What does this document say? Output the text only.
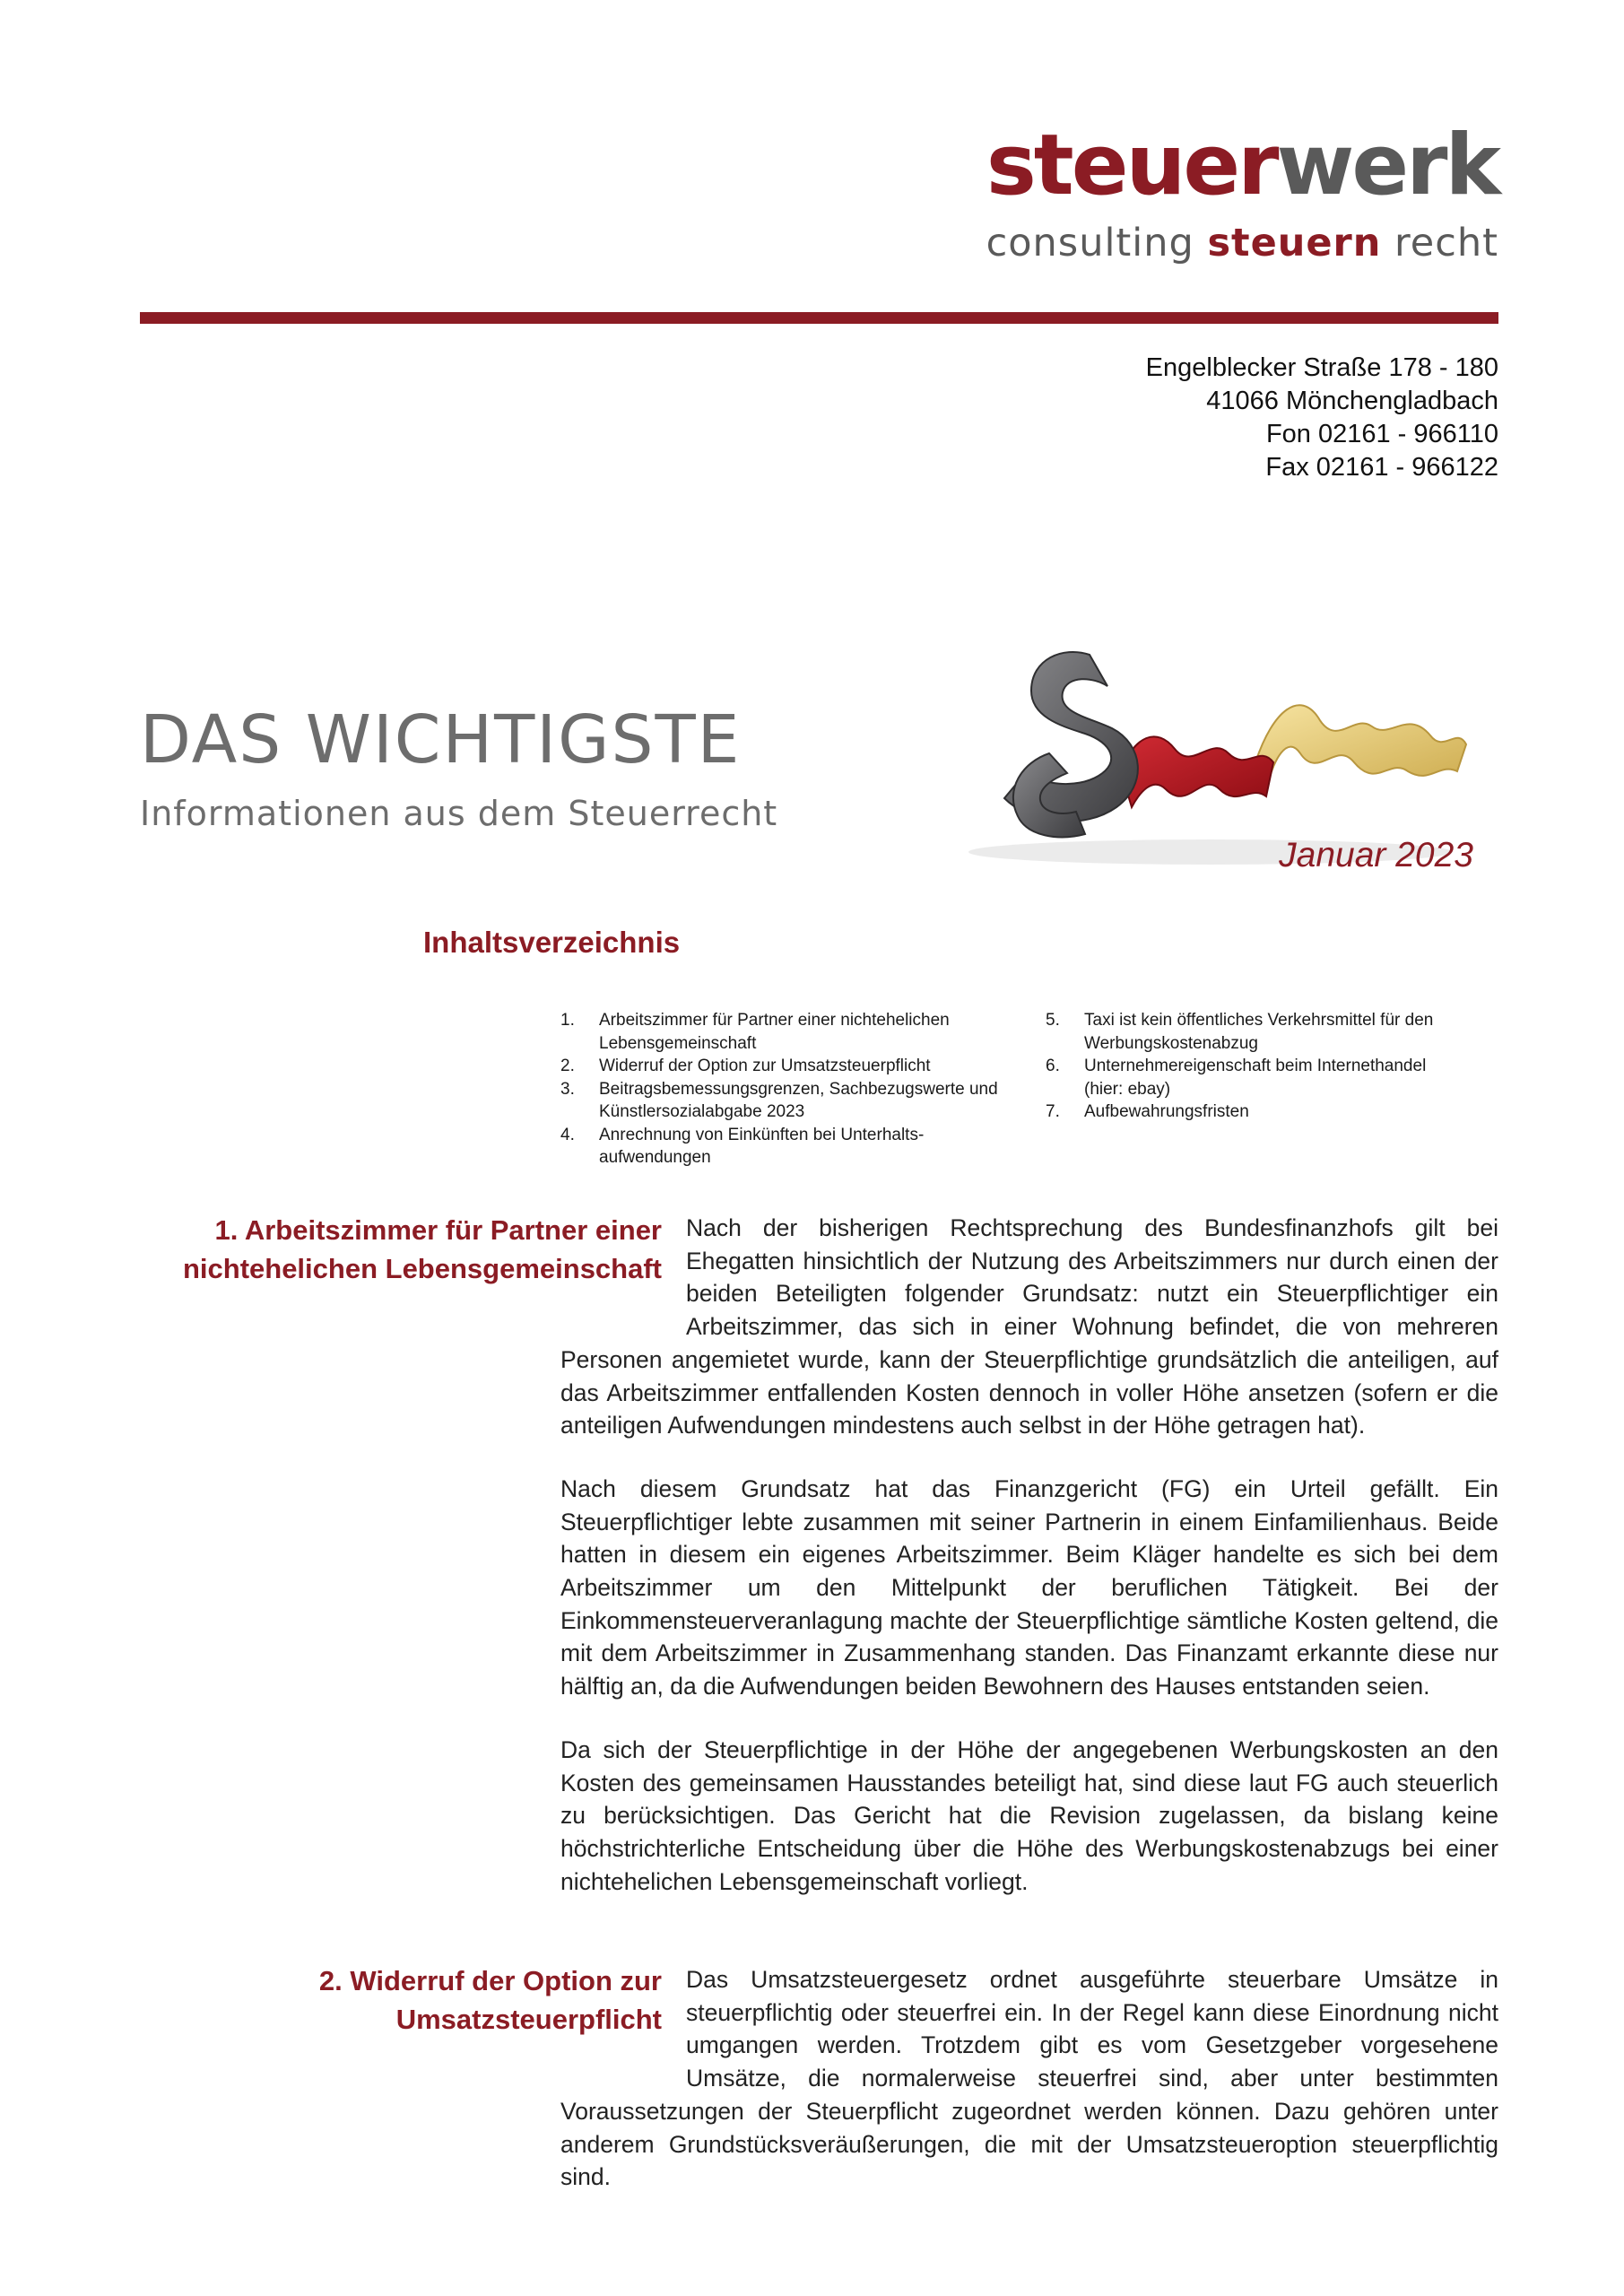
steuerwerk
consulting steuern recht
Engelblecker Straße 178 - 180
41066 Mönchengladbach
Fon 02161 - 966110
Fax 02161 - 966122
DAS WICHTIGSTE
Informationen aus dem Steuerrecht
Januar 2023
Inhaltsverzeichnis
1.	Arbeitszimmer für Partner einer nichtehelichen Lebensgemeinschaft
2.	Widerruf der Option zur Umsatzsteuerpflicht
3.	Beitragsbemessungsgrenzen, Sachbezugswerte und Künstlersozialabgabe 2023
4.	Anrechnung von Einkünften bei Unterhaltsaufwendungen
5.	Taxi ist kein öffentliches Verkehrsmittel für den Werbungskostenabzug
6.	Unternehmereigenschaft beim Internethandel (hier: ebay)
7.	Aufbewahrungsfristen
1. Arbeitszimmer für Partner einer
nichtehelichen Lebensgemeinschaft

Nach der bisherigen Rechtsprechung des Bundesfinanzhofs gilt bei Ehegatten hinsichtlich der Nutzung des Arbeitszimmers nur durch einen der beiden Beteiligten folgender Grundsatz: nutzt ein Steuerpflichtiger ein Arbeitszimmer, das sich in einer Wohnung befindet, die von mehreren Personen angemietet wurde, kann der Steuerpflichtige grundsätzlich die anteiligen, auf das Arbeitszimmer entfallenden Kosten dennoch in voller Höhe ansetzen (sofern er die anteiligen Aufwendungen mindestens auch selbst in der Höhe getragen hat).

Nach diesem Grundsatz hat das Finanzgericht (FG) ein Urteil gefällt. Ein Steuerpflichtiger lebte zusammen mit seiner Partnerin in einem Einfamilienhaus. Beide hatten in diesem ein eigenes Arbeitszimmer. Beim Kläger handelte es sich bei dem Arbeitszimmer um den Mittelpunkt der beruflichen Tätigkeit. Bei der Einkommensteuerveranlagung machte der Steuerpflichtige sämtliche Kosten geltend, die mit dem Arbeitszimmer in Zusammenhang standen. Das Finanzamt erkannte diese nur hälftig an, da die Aufwendungen beiden Bewohnern des Hauses entstanden seien.

Da sich der Steuerpflichtige in der Höhe der angegebenen Werbungskosten an den Kosten des gemeinsamen Hausstandes beteiligt hat, sind diese laut FG auch steuerlich zu berücksichtigen. Das Gericht hat die Revision zugelassen, da bislang keine höchstrichterliche Entscheidung über die Höhe des Werbungskostenabzugs bei einer nichtehelichen Lebensgemeinschaft vorliegt.

2. Widerruf der Option zur
Umsatzsteuerpflicht

Das Umsatzsteuergesetz ordnet ausgeführte steuerbare Umsätze in steuerpflichtig oder steuerfrei ein. In der Regel kann diese Einordnung nicht umgangen werden. Trotzdem gibt es vom Gesetzgeber vorgesehene Umsätze, die normalerweise steuerfrei sind, aber unter bestimmten Voraussetzungen der Steuerpflicht zugeordnet werden können. Dazu gehören unter anderem Grundstücksveräußerungen, die mit der Umsatzsteueroption steuerpflichtig sind.
